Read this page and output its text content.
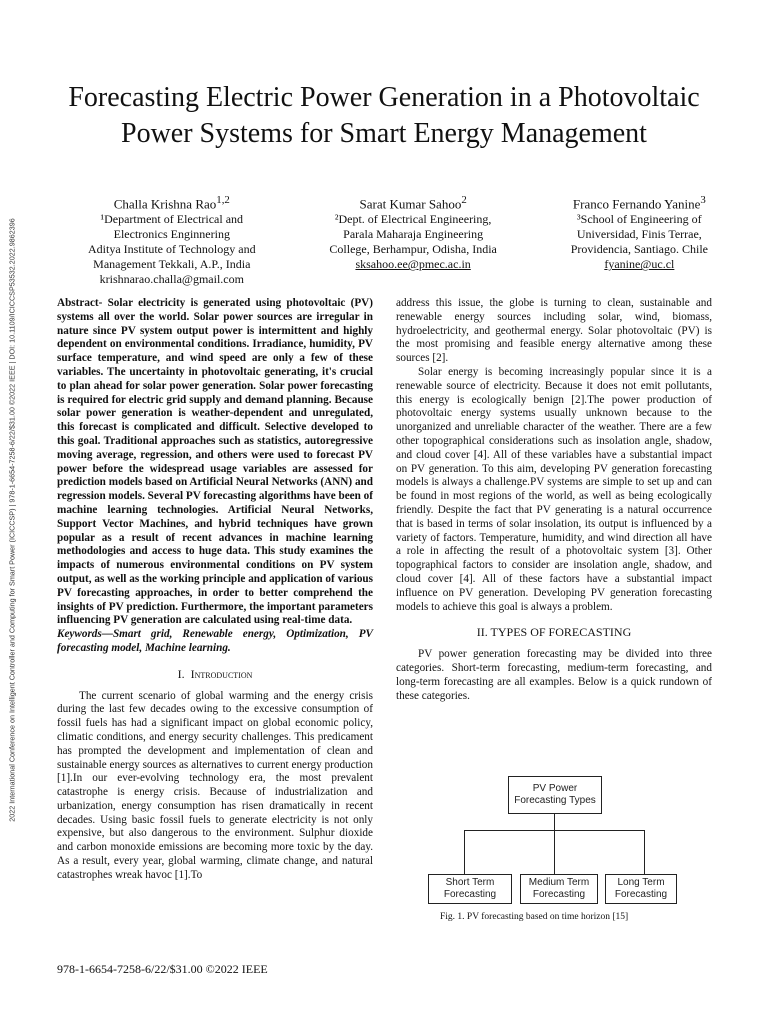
2022 International Conference on Intelligent Controller and Computing for Smart Power (ICICCSP) | 978-1-6654-7258-6/22/$31.00 ©2022 IEEE | DOI: 10.1109/ICICCSP53532.2022.9862396
Forecasting Electric Power Generation in a Photovoltaic Power Systems for Smart Energy Management
Challa Krishna Rao$^{1,2}$
¹Department of Electrical and
Electronics Enginnering
Aditya Institute of Technology and
Management Tekkali, A.P., India
krishnarao.challa@gmail.com
Sarat Kumar Sahoo$^2$
²Dept. of Electrical Engineering,
Parala Maharaja Engineering
College, Berhampur, Odisha, India
sksahoo.ee@pmec.ac.in
Franco Fernando Yanine$^3$
³School of Engineering of
Universidad, Finis Terrae,
Providencia, Santiago. Chile
fyanine@uc.cl

Abstract- Solar electricity is generated using photovoltaic (PV) systems all over the world. Solar power sources are irregular in nature since PV system output power is intermittent and highly dependent on environmental conditions. Irradiance, humidity, PV surface temperature, and wind speed are only a few of these variables. The uncertainty in photovoltaic generating, it's crucial to plan ahead for solar power generation. Solar power forecasting is required for electric grid supply and demand planning. Because solar power generation is weather-dependent and unregulated, this forecast is complicated and difficult. Selective developed to this goal. Traditional approaches such as statistics, autoregressive moving average, regression, and others were used to forecast PV power before the widespread usage variables are assessed for prediction models based on Artificial Neural Networks (ANN) and regression models. Several PV forecasting algorithms have been of machine learning technologies. Artificial Neural Networks, Support Vector Machines, and hybrid techniques have grown popular as a result of recent advances in machine learning methodologies and access to huge data. This study examines the impacts of numerous environmental conditions on PV system output, as well as the working principle and application of various PV forecasting approaches, in order to better comprehend the insights of PV prediction. Furthermore, the important parameters influencing PV generation are calculated using real-time data.

Keywords—Smart grid, Renewable energy, Optimization, PV forecasting model, Machine learning.

I. Introduction

The current scenario of global warming and the energy crisis during the last few decades owing to the excessive consumption of fossil fuels has had a significant impact on global economic policy, climatic conditions, and energy security challenges. This predicament has prompted the development and implementation of clean and sustainable energy sources as alternatives to current energy production [1].In our ever-evolving technology era, the most prevalent catastrophe is energy crisis. Because of industrialization and urbanization, energy consumption has risen dramatically in recent decades. Using basic fossil fuels to generate electricity is not only expensive, but also dangerous to the environment. Sulphur dioxide and carbon monoxide emissions are becoming more toxic by the day. As a result, every year, global warming, climate change, and natural catastrophes wreak havoc [1].To

address this issue, the globe is turning to clean, sustainable and renewable energy sources including solar, wind, biomass, hydroelectricity, and geothermal energy. Solar photovoltaic (PV) is the most promising and feasible energy alternative among these sources [2].

Solar energy is becoming increasingly popular since it is a renewable source of electricity. Because it does not emit pollutants, this energy is ecologically benign [2].The power production of photovoltaic energy systems usually unknown because to the unorganized and unreliable character of the weather. There are a few other topographical considerations such as insolation angle, shadow, and cloud cover [4]. All of these variables have a substantial impact on PV generation. To this aim, developing PV generation forecasting models is always a challenge.PV systems are simple to set up and can be found in most regions of the world, as well as being ecologically friendly. Despite the fact that PV generating is a natural occurrence that is based in terms of solar insolation, its output is influenced by a variety of factors. Temperature, humidity, and wind direction all have a role in affecting the result of a photovoltaic system [3]. Other topographical factors to consider are insolation angle, shadow, and cloud cover [4]. All of these factors have a substantial impact influence on PV generation. Developing PV generation forecasting models to achieve this goal is always a problem.

II. TYPES OF FORECASTING

PV power generation forecasting may be divided into three categories. Short-term forecasting, medium-term forecasting, and long-term forecasting are all examples. Below is a quick rundown of these categories.

PV Power Forecasting Types
Short Term Forecasting
Medium Term Forecasting
Long Term Forecasting
Fig. 1. PV forecasting based on time horizon [15]
978-1-6654-7258-6/22/$31.00 ©2022 IEEE
